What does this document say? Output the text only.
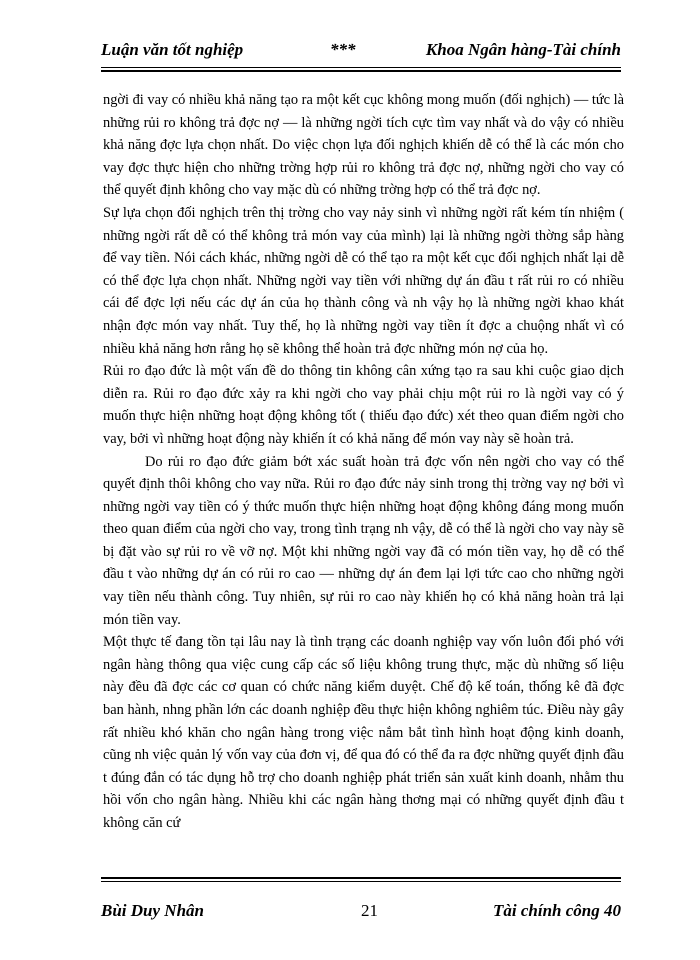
Luận văn tốt nghiệp	***	Khoa Ngân hàng-Tài chính

ngời đi vay có nhiều khả năng tạo ra một kết cục không mong muốn (đối nghịch) — tức là những rủi ro không trả đợc nợ — là những ngời tích cực tìm vay nhất và do vậy có nhiều khả năng đợc lựa chọn nhất. Do việc chọn lựa đối nghịch khiến dễ có thể là các món cho vay đợc thực hiện cho những trờng hợp rủi ro không trả đợc nợ, những ngời cho vay có thể quyết định không cho vay mặc dù có những trờng hợp có thể trả đợc nợ.

Sự lựa chọn đối nghịch trên thị trờng cho vay nảy sinh vì những ngời rất kém tín nhiệm ( những ngời rất dễ có thể không trả món vay của mình) lại là những ngời thờng sắp hàng để vay tiền. Nói cách khác, những ngời dễ có thể tạo ra một kết cục đối nghịch nhất lại dễ có thể đợc lựa chọn nhất. Những ngời vay tiền với những dự án đầu t rất rủi ro có nhiều cái để đợc lợi nếu các dự án của họ thành công và nh vậy họ là những ngời khao khát nhận đợc món vay nhất. Tuy thế, họ là những ngời vay tiền ít đợc a chuộng nhất vì có nhiều khả năng hơn rằng họ sẽ không thể hoàn trả đợc những món nợ của họ.

Rủi ro đạo đức là một vấn đề do thông tin không cân xứng tạo ra sau khi cuộc giao dịch diễn ra. Rủi ro đạo đức xảy ra khi ngời cho vay phải chịu một rủi ro là ngời vay có ý muốn thực hiện những hoạt động không tốt ( thiếu đạo đức) xét theo quan điểm ngời cho vay, bởi vì những hoạt động này khiến ít có khả năng để món vay này sẽ hoàn trả.

Do rủi ro đạo đức giảm bớt xác suất hoàn trả đợc vốn nên ngời cho vay có thể quyết định thôi không cho vay nữa. Rủi ro đạo đức nảy sinh trong thị trờng vay nợ bởi vì những ngời vay tiền có ý thức muốn thực hiện những hoạt động không đáng mong muốn theo quan điểm của ngời cho vay, trong tình trạng nh vậy, dễ có thể là ngời cho vay này sẽ bị đặt vào sự rủi ro về vỡ nợ. Một khi những ngời vay đã có món tiền vay, họ dễ có thể đầu t vào những dự án có rủi ro cao — những dự án đem lại lợi tức cao cho những ngời vay tiền nếu thành công. Tuy nhiên, sự rủi ro cao này khiến họ có khả năng hoàn trả lại món tiền vay.

Một thực tế đang tồn tại lâu nay là tình trạng các doanh nghiệp vay vốn luôn đối phó với ngân hàng thông qua việc cung cấp các số liệu không trung thực, mặc dù những số liệu này đều đã đợc các cơ quan có chức năng kiểm duyệt. Chế độ kế toán, thống kê đã đợc ban hành, nhng phần lớn các doanh nghiệp đều thực hiện không nghiêm túc. Điều này gây rất nhiều khó khăn cho ngân hàng trong việc nắm bắt tình hình hoạt động kinh doanh, cũng nh việc quản lý vốn vay của đơn vị, để qua đó có thể đa ra đợc những quyết định đầu t đúng đắn có tác dụng hỗ trợ cho doanh nghiệp phát triển sản xuất kinh doanh, nhằm thu hồi vốn cho ngân hàng. Nhiều khi các ngân hàng thơng mại có những quyết định đầu t không căn cứ

Bùi Duy Nhân	21	Tài chính công 40
